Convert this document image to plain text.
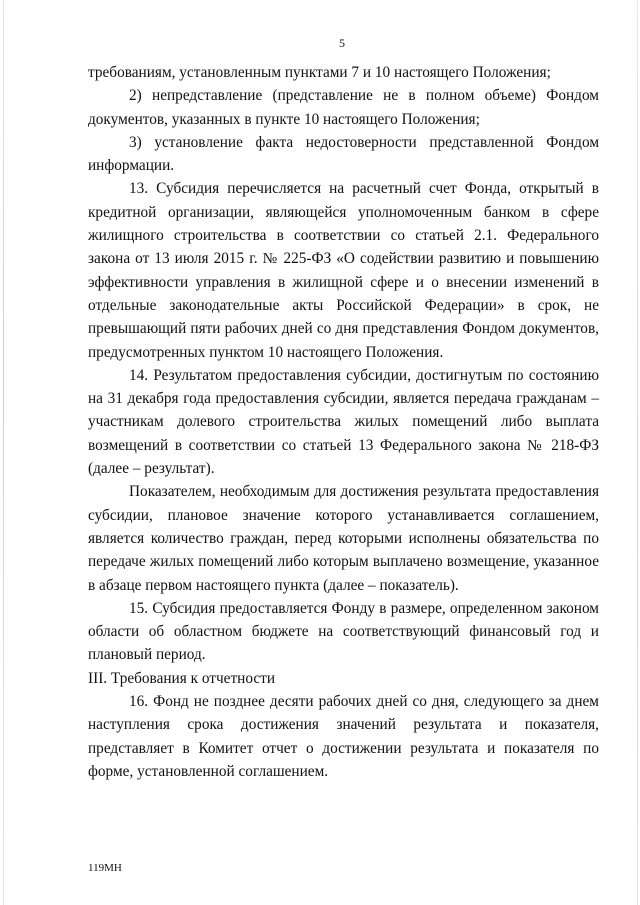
5

требованиям, установленным пунктами 7 и 10 настоящего Положения;

2) непредставление (представление не в полном объеме) Фондом документов, указанных в пункте 10 настоящего Положения;

3) установление факта недостоверности представленной Фондом информации.

13. Субсидия перечисляется на расчетный счет Фонда, открытый в кредитной организации, являющейся уполномоченным банком в сфере жилищного строительства в соответствии со статьей 2.1. Федерального закона от 13 июля 2015 г. № 225-ФЗ «О содействии развитию и повышению эффективности управления в жилищной сфере и о внесении изменений в отдельные законодательные акты Российской Федерации» в срок, не превышающий пяти рабочих дней со дня представления Фондом документов, предусмотренных пунктом 10 настоящего Положения.

14. Результатом предоставления субсидии, достигнутым по состоянию на 31 декабря года предоставления субсидии, является передача гражданам – участникам долевого строительства жилых помещений либо выплата возмещений в соответствии со статьей 13 Федерального закона № 218-ФЗ (далее – результат).

Показателем, необходимым для достижения результата предоставления субсидии, плановое значение которого устанавливается соглашением, является количество граждан, перед которыми исполнены обязательства по передаче жилых помещений либо которым выплачено возмещение, указанное в абзаце первом настоящего пункта (далее – показатель).

15. Субсидия предоставляется Фонду в размере, определенном законом области об областном бюджете на соответствующий финансовый год и плановый период.

III. Требования к отчетности

16. Фонд не позднее десяти рабочих дней со дня, следующего за днем наступления срока достижения значений результата и показателя, представляет в Комитет отчет о достижении результата и показателя по форме, установленной соглашением.

119МН
